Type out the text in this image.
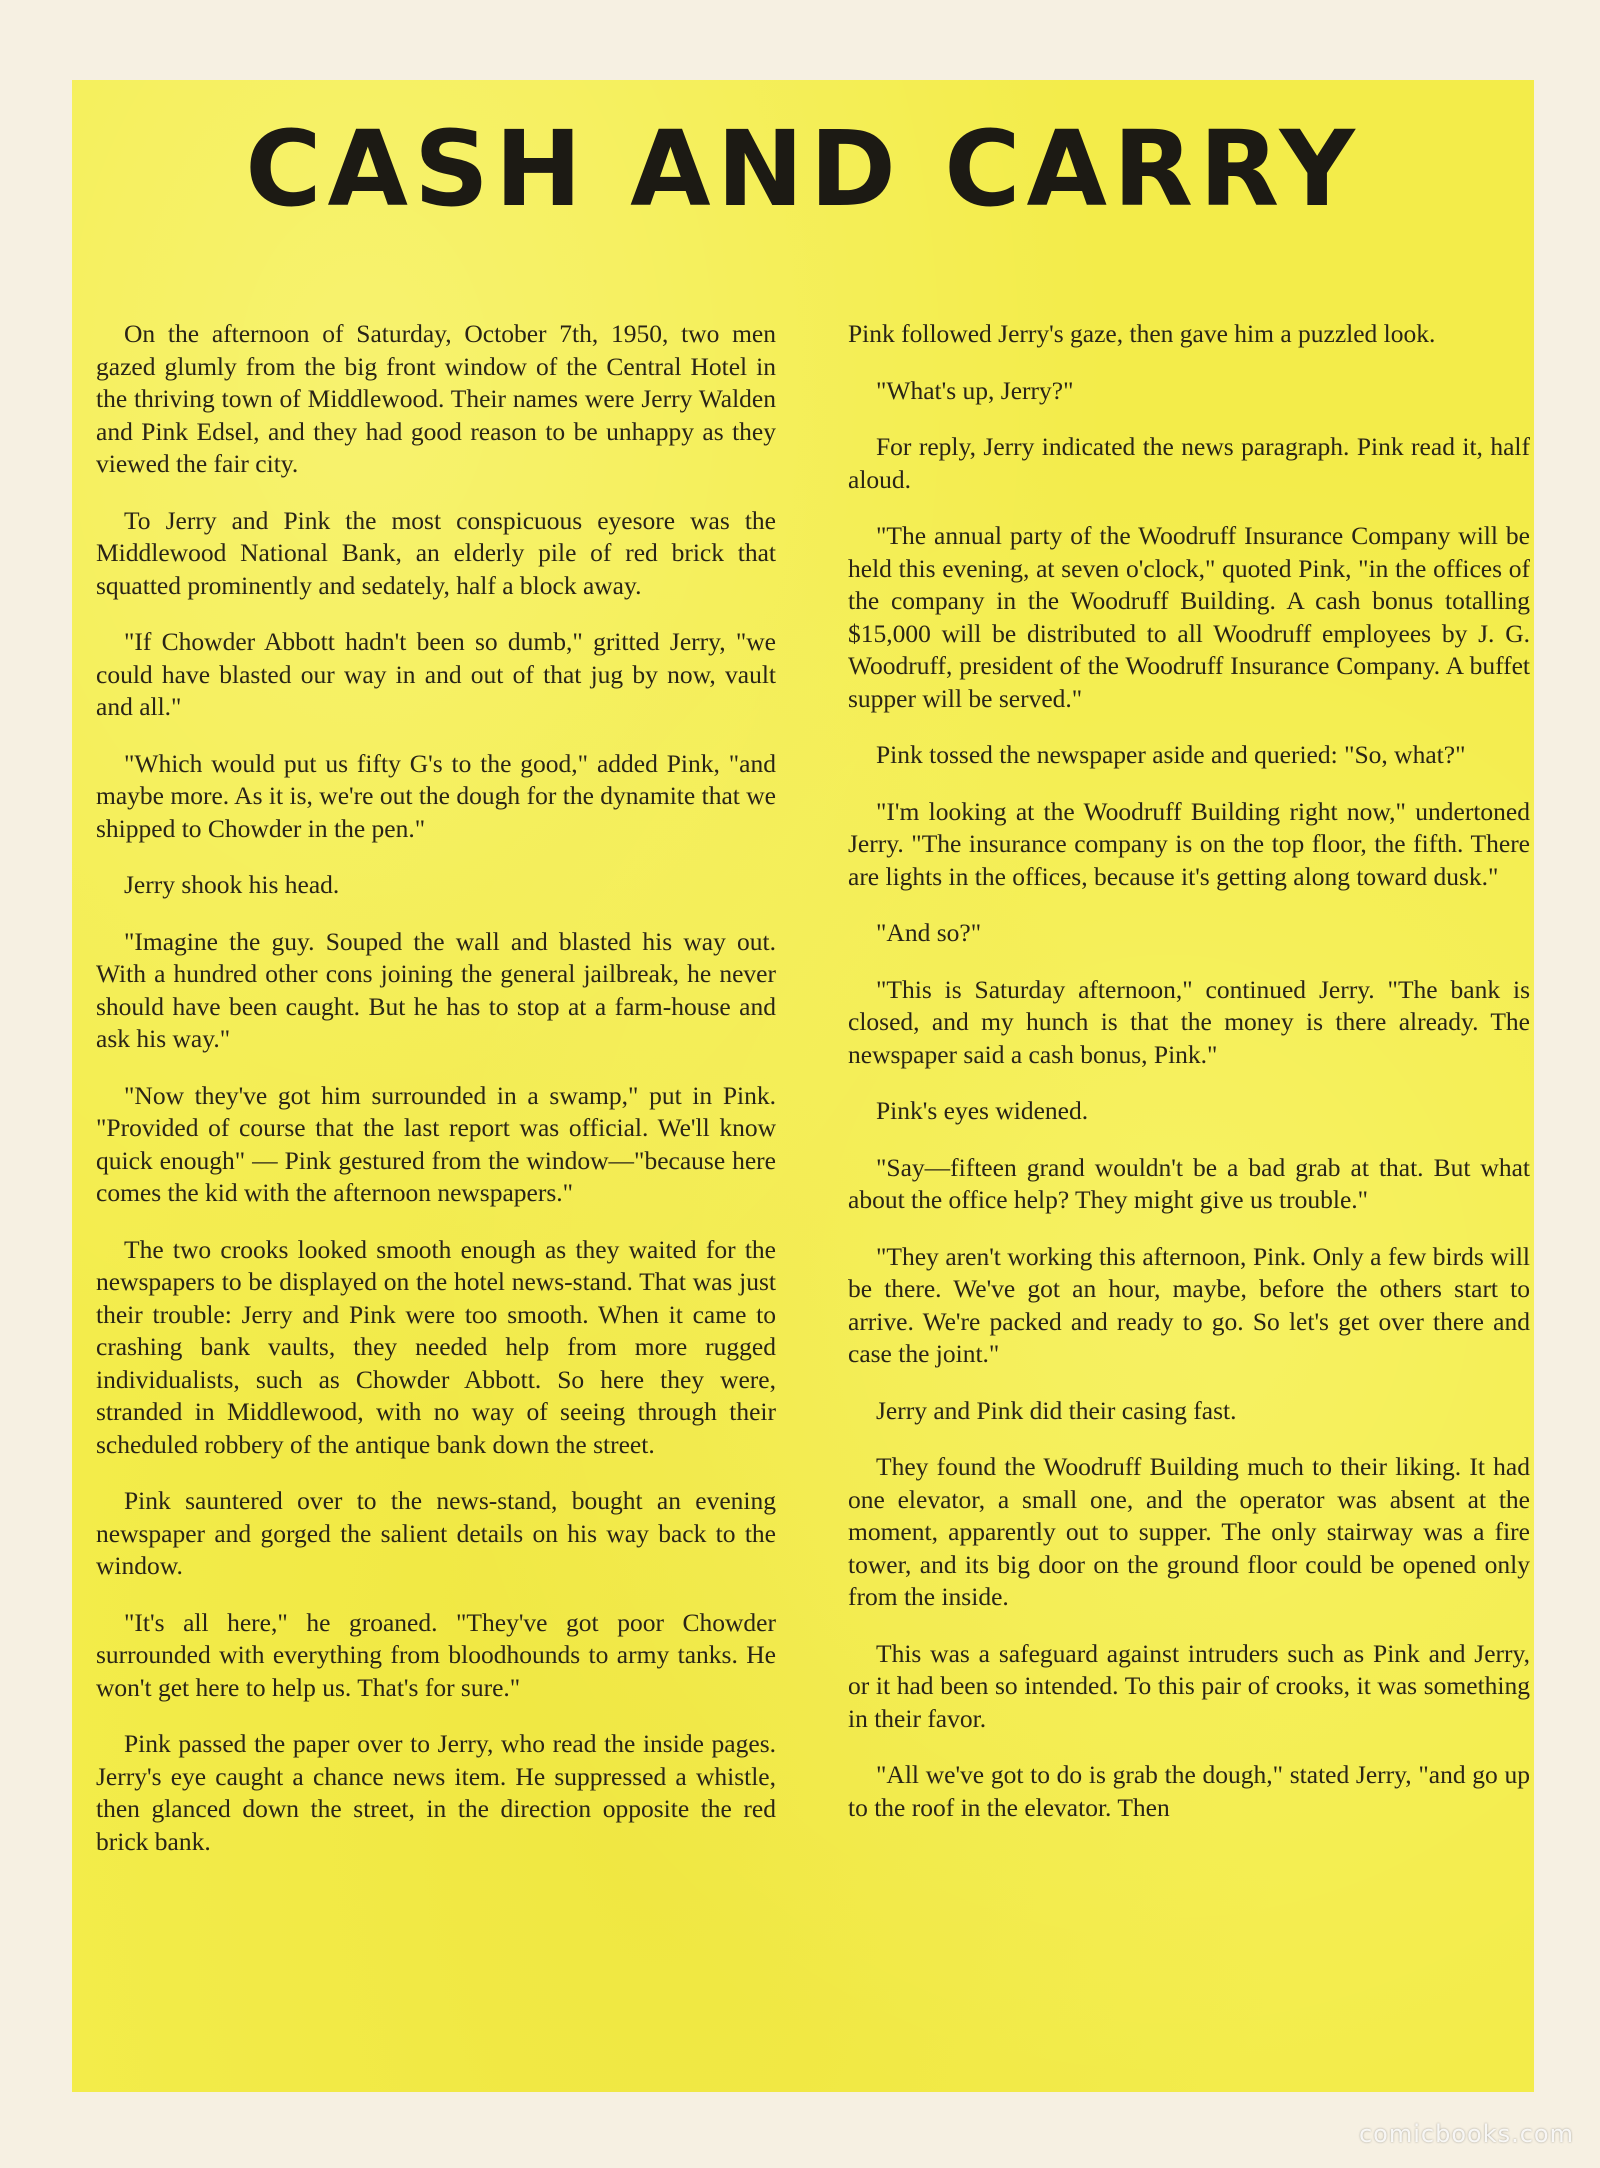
CASH AND CARRY

On the afternoon of Saturday, October 7th, 1950, two men gazed glumly from the big front window of the Central Hotel in the thriving town of Middlewood. Their names were Jerry Walden and Pink Edsel, and they had good reason to be unhappy as they viewed the fair city.

To Jerry and Pink the most conspicuous eyesore was the Middlewood National Bank, an elderly pile of red brick that squatted prominently and sedately, half a block away.

"If Chowder Abbott hadn't been so dumb," gritted Jerry, "we could have blasted our way in and out of that jug by now, vault and all."

"Which would put us fifty G's to the good," added Pink, "and maybe more. As it is, we're out the dough for the dynamite that we shipped to Chowder in the pen."

Jerry shook his head.

"Imagine the guy. Souped the wall and blasted his way out. With a hundred other cons joining the general jailbreak, he never should have been caught. But he has to stop at a farm-house and ask his way."

"Now they've got him surrounded in a swamp," put in Pink. "Provided of course that the last report was official. We'll know quick enough" — Pink gestured from the window—"because here comes the kid with the afternoon newspapers."

The two crooks looked smooth enough as they waited for the newspapers to be displayed on the hotel news-stand. That was just their trouble: Jerry and Pink were too smooth. When it came to crashing bank vaults, they needed help from more rugged individualists, such as Chowder Abbott. So here they were, stranded in Middlewood, with no way of seeing through their scheduled robbery of the antique bank down the street.

Pink sauntered over to the news-stand, bought an evening newspaper and gorged the salient details on his way back to the window.

"It's all here," he groaned. "They've got poor Chowder surrounded with everything from bloodhounds to army tanks. He won't get here to help us. That's for sure."

Pink passed the paper over to Jerry, who read the inside pages. Jerry's eye caught a chance news item. He suppressed a whistle, then glanced down the street, in the direction opposite the red brick bank.

Pink followed Jerry's gaze, then gave him a puzzled look.

"What's up, Jerry?"

For reply, Jerry indicated the news paragraph. Pink read it, half aloud.

"The annual party of the Woodruff Insurance Company will be held this evening, at seven o'clock," quoted Pink, "in the offices of the company in the Woodruff Building. A cash bonus totalling $15,000 will be distributed to all Woodruff employees by J. G. Woodruff, president of the Woodruff Insurance Company. A buffet supper will be served."

Pink tossed the newspaper aside and queried: "So, what?"

"I'm looking at the Woodruff Building right now," undertoned Jerry. "The insurance company is on the top floor, the fifth. There are lights in the offices, because it's getting along toward dusk."

"And so?"

"This is Saturday afternoon," continued Jerry. "The bank is closed, and my hunch is that the money is there already. The newspaper said a cash bonus, Pink."

Pink's eyes widened.

"Say—fifteen grand wouldn't be a bad grab at that. But what about the office help? They might give us trouble."

"They aren't working this afternoon, Pink. Only a few birds will be there. We've got an hour, maybe, before the others start to arrive. We're packed and ready to go. So let's get over there and case the joint."

Jerry and Pink did their casing fast.

They found the Woodruff Building much to their liking. It had one elevator, a small one, and the operator was absent at the moment, apparently out to supper. The only stairway was a fire tower, and its big door on the ground floor could be opened only from the inside.

This was a safeguard against intruders such as Pink and Jerry, or it had been so intended. To this pair of crooks, it was something in their favor.

"All we've got to do is grab the dough," stated Jerry, "and go up to the roof in the elevator. Then

comicbooks.com
